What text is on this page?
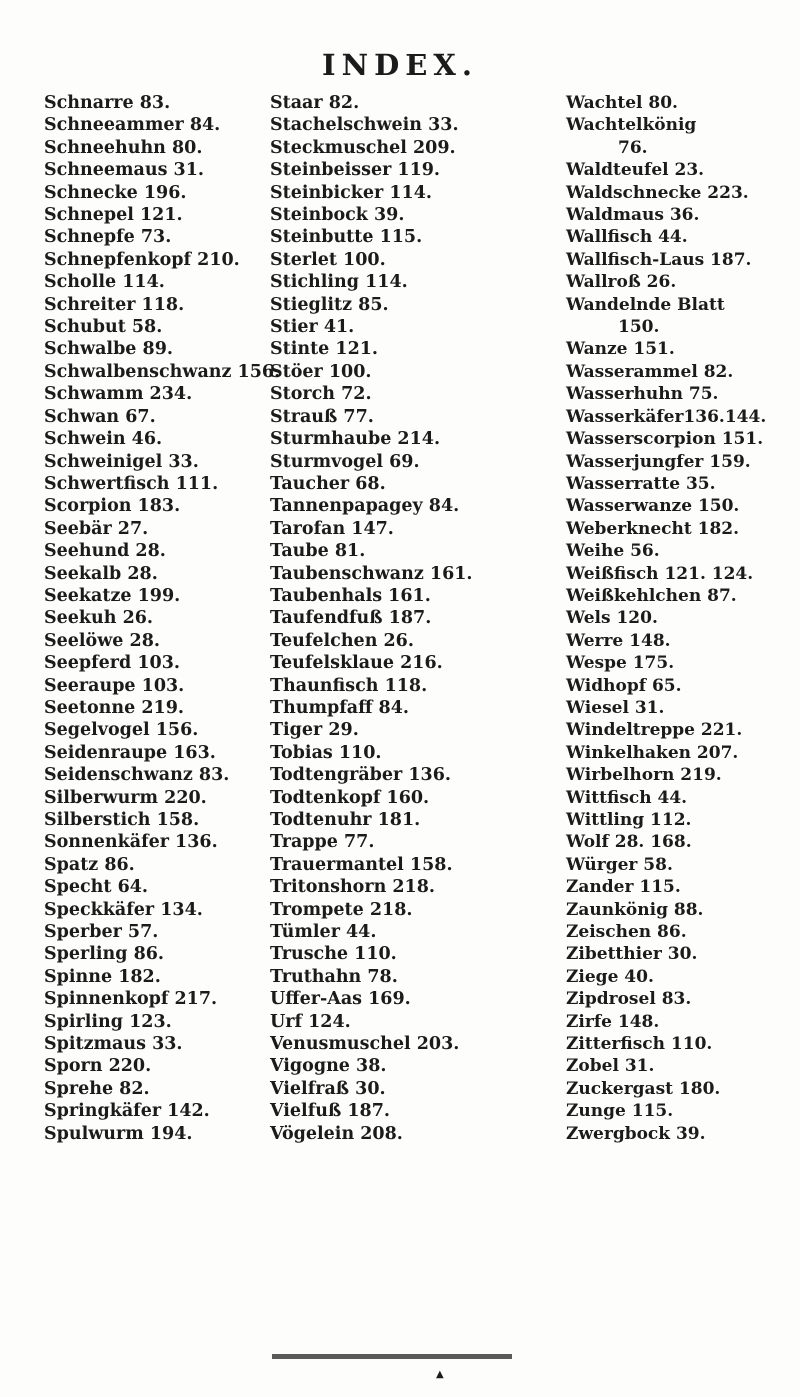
INDEX.
Schnarre 83.
Schneeammer 84.
Schneehuhn 80.
Schneemaus 31.
Schnecke 196.
Schnepel 121.
Schnepfe 73.
Schnepfenkopf 210.
Scholle 114.
Schreiter 118.
Schubut 58.
Schwalbe 89.
Schwalbenschwanz 156.
Schwamm 234.
Schwan 67.
Schwein 46.
Schweinigel 33.
Schwertfisch 111.
Scorpion 183.
Seebär 27.
Seehund 28.
Seekalb 28.
Seekatze 199.
Seekuh 26.
Seelöwe 28.
Seepferd 103.
Seeraupe 103.
Seetonne 219.
Segelvogel 156.
Seidenraupe 163.
Seidenschwanz 83.
Silberwurm 220.
Silberstich 158.
Sonnenkäfer 136.
Spatz 86.
Specht 64.
Speckkäfer 134.
Sperber 57.
Sperling 86.
Spinne 182.
Spinnenkopf 217.
Spirling 123.
Spitzmaus 33.
Sporn 220.
Sprehe 82.
Springkäfer 142.
Spulwurm 194.
Staar 82.
Stachelschwein 33.
Steckmuschel 209.
Steinbeisser 119.
Steinbicker 114.
Steinbock 39.
Steinbutte 115.
Sterlet 100.
Stichling 114.
Stieglitz 85.
Stier 41.
Stinte 121.
Stöer 100.
Storch 72.
Strauß 77.
Sturmhaube 214.
Sturmvogel 69.
Taucher 68.
Tannenpapagey 84.
Tarofan 147.
Taube 81.
Taubenschwanz 161.
Taubenhals 161.
Taufendfuß 187.
Teufelchen 26.
Teufelsklaue 216.
Thaunfisch 118.
Thumpfaff 84.
Tiger 29.
Tobias 110.
Todtengräber 136.
Todtenkopf 160.
Todtenuhr 181.
Trappe 77.
Trauermantel 158.
Tritonshorn 218.
Trompete 218.
Tümler 44.
Trusche 110.
Truthahn 78.
Uffer-Aas 169.
Urf 124.
Venusmuschel 203.
Vigogne 38.
Vielfraß 30.
Vielfuß 187.
Vögelein 208.
Wachtel 80.
Wachtelkönig
76.
Waldteufel 23.
Waldschnecke 223.
Waldmaus 36.
Wallfisch 44.
Wallfisch-Laus 187.
Wallroß 26.
Wandelnde Blatt
150.
Wanze 151.
Wasserammel 82.
Wasserhuhn 75.
Wasserkäfer136.144.
Wasserscorpion 151.
Wasserjungfer 159.
Wasserratte 35.
Wasserwanze 150.
Weberknecht 182.
Weihe 56.
Weißfisch 121. 124.
Weißkehlchen 87.
Wels 120.
Werre 148.
Wespe 175.
Widhopf 65.
Wiesel 31.
Windeltreppe 221.
Winkelhaken 207.
Wirbelhorn 219.
Wittfisch 44.
Wittling 112.
Wolf 28. 168.
Würger 58.
Zander 115.
Zaunkönig 88.
Zeischen 86.
Zibetthier 30.
Ziege 40.
Zipdrosel 83.
Zirfe 148.
Zitterfisch 110.
Zobel 31.
Zuckergast 180.
Zunge 115.
Zwergbock 39.
▲
